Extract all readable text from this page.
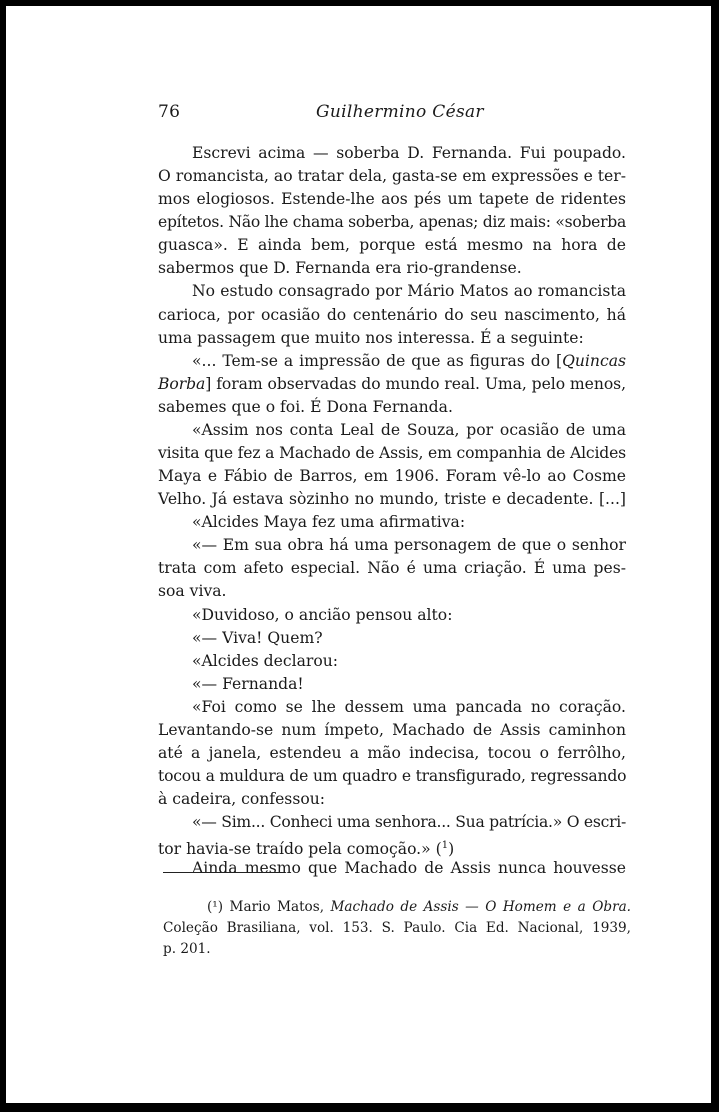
76	Guilhermino César
Escrevi acima — soberba D. Fernanda. Fui poupado.
O romancista, ao tratar dela, gasta-se em expressões e ter-
mos elogiosos. Estende-lhe aos pés um tapete de ridentes
epítetos. Não lhe chama soberba, apenas; diz mais: «soberba
guasca». E ainda bem, porque está mesmo na hora de
sabermos que D. Fernanda era rio-grandense.
No estudo consagrado por Mário Matos ao romancista
carioca, por ocasião do centenário do seu nascimento, há
uma passagem que muito nos interessa. É a seguinte:
«... Tem-se a impressão de que as figuras do [Quincas
Borba] foram observadas do mundo real. Uma, pelo menos,
sabemes que o foi. É Dona Fernanda.
«Assim nos conta Leal de Souza, por ocasião de uma
visita que fez a Machado de Assis, em companhia de Alcides
Maya e Fábio de Barros, em 1906. Foram vê-lo ao Cosme
Velho. Já estava sòzinho no mundo, triste e decadente. [...]
«Alcides Maya fez uma afirmativa:
«— Em sua obra há uma personagem de que o senhor
trata com afeto especial. Não é uma criação. É uma pes-
soa viva.
«Duvidoso, o ancião pensou alto:
«— Viva! Quem?
«Alcides declarou:
«— Fernanda!
«Foi como se lhe dessem uma pancada no coração.
Levantando-se num ímpeto, Machado de Assis caminhon
até a janela, estendeu a mão indecisa, tocou o ferrôlho,
tocou a muldura de um quadro e transfigurado, regressando
à cadeira, confessou:
«— Sim... Conheci uma senhora... Sua patrícia.» O escri-
tor havia-se traído pela comoção.» ($^1$)
Ainda mesmo que Machado de Assis nunca houvesse
(¹) Mario Matos, Machado de Assis — O Homem e a Obra.
Coleção Brasiliana, vol. 153. S. Paulo. Cia Ed. Nacional, 1939,
p. 201.
